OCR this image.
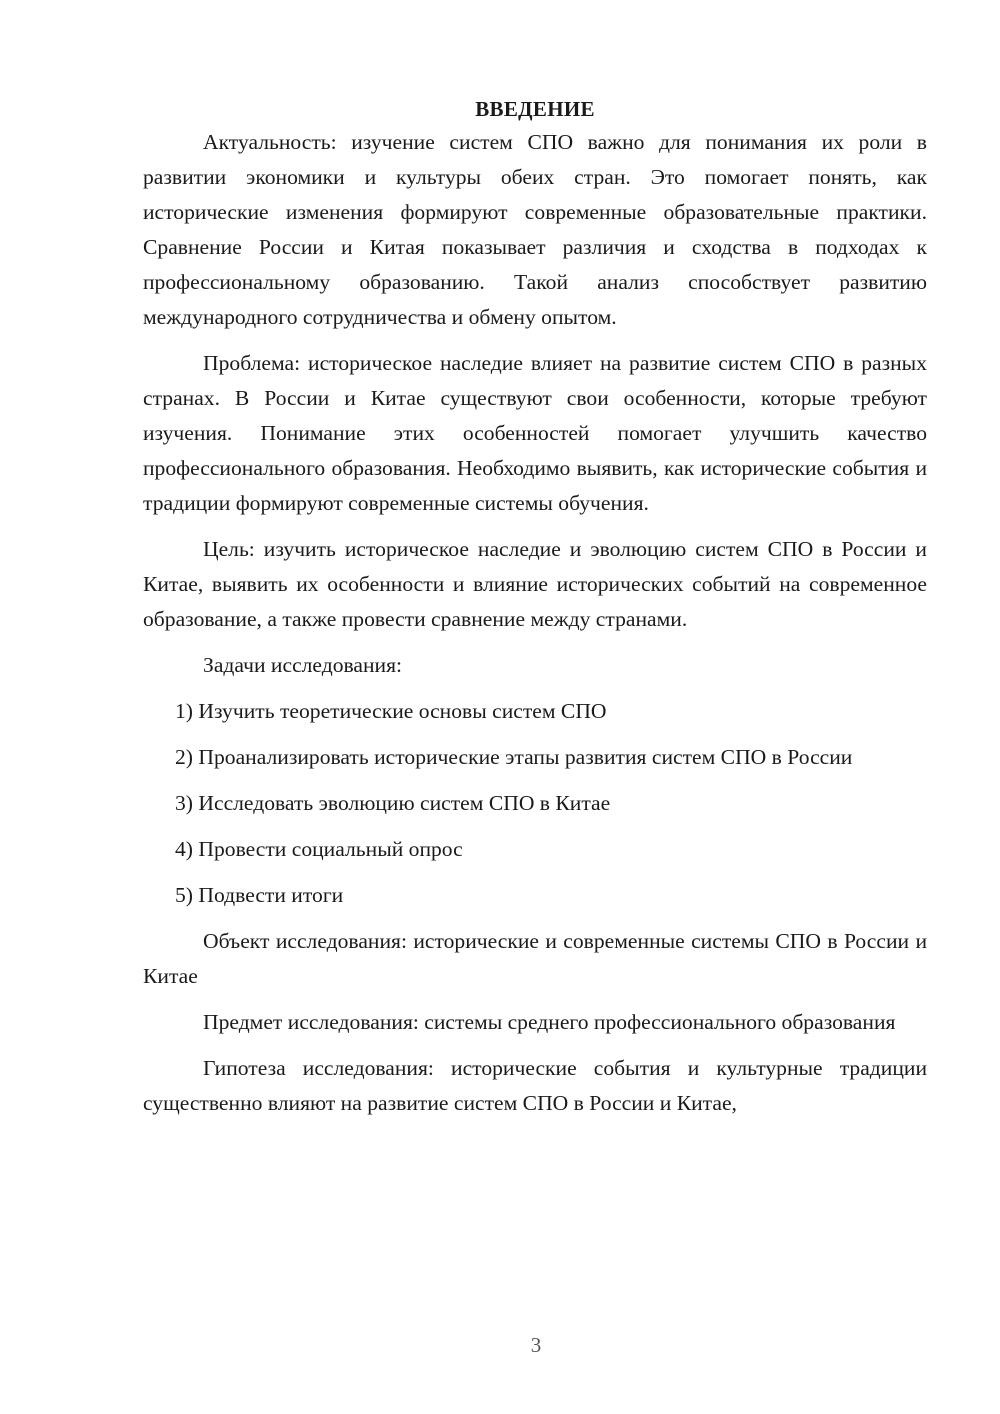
ВВЕДЕНИЕ

Актуальность: изучение систем СПО важно для понимания их роли в развитии экономики и культуры обеих стран. Это помогает понять, как исторические изменения формируют современные образовательные практики. Сравнение России и Китая показывает различия и сходства в подходах к профессиональному образованию. Такой анализ способствует развитию международного сотрудничества и обмену опытом.

Проблема: историческое наследие влияет на развитие систем СПО в разных странах. В России и Китае существуют свои особенности, которые требуют изучения. Понимание этих особенностей помогает улучшить качество профессионального образования. Необходимо выявить, как исторические события и традиции формируют современные системы обучения.

Цель: изучить историческое наследие и эволюцию систем СПО в России и Китае, выявить их особенности и влияние исторических событий на современное образование, а также провести сравнение между странами.

Задачи исследования:

1) Изучить теоретические основы систем СПО

2) Проанализировать исторические этапы развития систем СПО в России

3) Исследовать эволюцию систем СПО в Китае

4) Провести социальный опрос

5) Подвести итоги

Объект исследования: исторические и современные системы СПО в России и Китае

Предмет исследования: системы среднего профессионального образования

Гипотеза исследования: исторические события и культурные традиции существенно влияют на развитие систем СПО в России и Китае,

3
